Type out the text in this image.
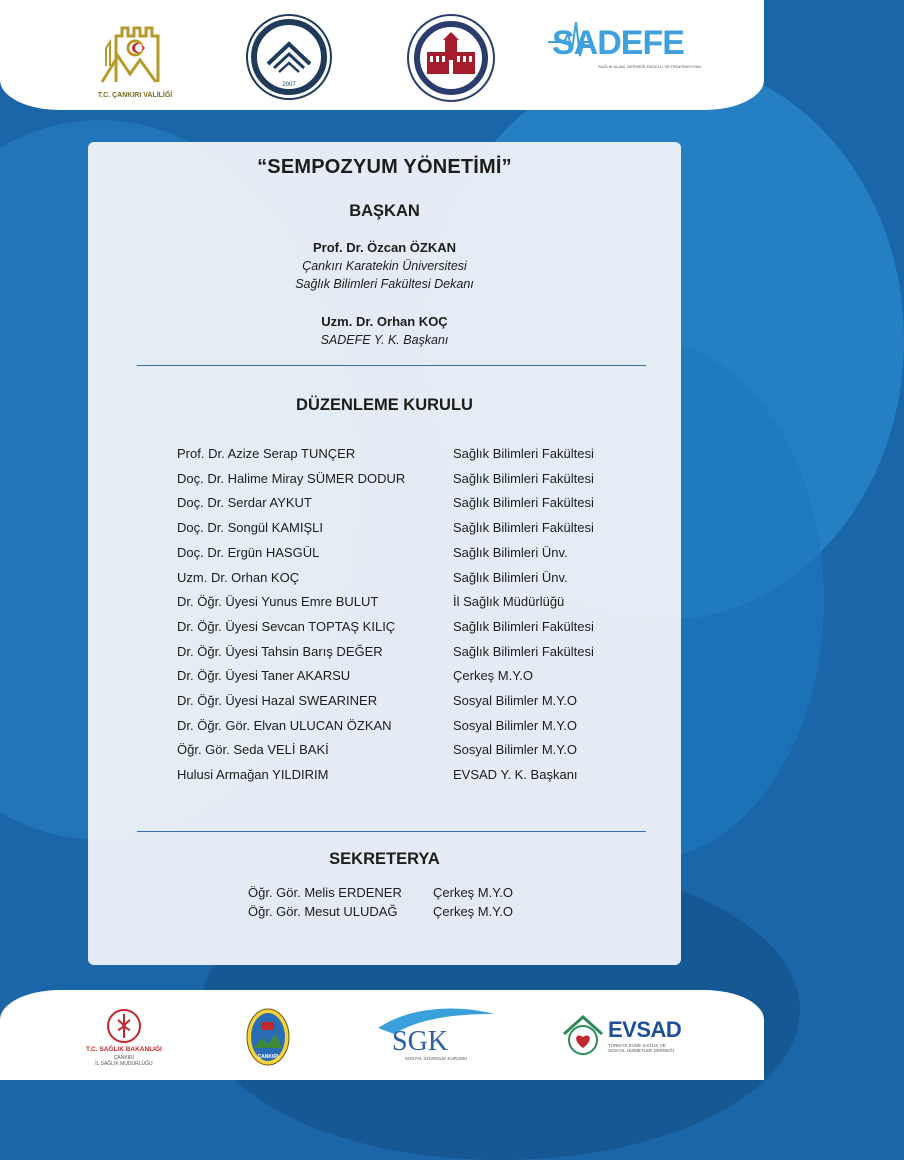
T.C. ÇANKIRI VALİLİĞİ
2007
SADEFE
SAĞLIK ALANI, DERNEĞİ ENGELLİ VE FEDERASYONU
“SEMPOZYUM YÖNETİMİ”
BAŞKAN
Prof. Dr. Özcan ÖZKAN
Çankırı Karatekin Üniversitesi
Sağlık Bilimleri Fakültesi Dekanı
Uzm. Dr. Orhan KOÇ
SADEFE Y. K. Başkanı
DÜZENLEME KURULU
Prof. Dr. Azize Serap TUNÇER	Sağlık Bilimleri Fakültesi
Doç. Dr. Halime Miray SÜMER DODUR	Sağlık Bilimleri Fakültesi
Doç. Dr. Serdar AYKUT	Sağlık Bilimleri Fakültesi
Doç. Dr. Songül KAMIŞLI	Sağlık Bilimleri Fakültesi
Doç. Dr. Ergün HASGÜL	Sağlık Bilimleri Ünv.
Uzm. Dr. Orhan KOÇ	Sağlık Bilimleri Ünv.
Dr. Öğr. Üyesi Yunus Emre BULUT	İl Sağlık Müdürlüğü
Dr. Öğr. Üyesi Sevcan TOPTAŞ KILIÇ	Sağlık Bilimleri Fakültesi
Dr. Öğr. Üyesi Tahsin Barış DEĞER	Sağlık Bilimleri Fakültesi
Dr. Öğr. Üyesi Taner AKARSU	Çerkeş M.Y.O
Dr. Öğr. Üyesi Hazal SWEARINER	Sosyal Bilimler M.Y.O
Dr. Öğr. Gör. Elvan ULUCAN ÖZKAN	Sosyal Bilimler M.Y.O
Öğr. Gör. Seda VELİ BAKİ	Sosyal Bilimler M.Y.O
Hulusi Armağan YILDIRIM	EVSAD Y. K. Başkanı
SEKRETERYA
Öğr. Gör. Melis ERDENER Çerkeş M.Y.O
Öğr. Gör. Mesut ULUDAĞ	Çerkeş M.Y.O
T.C. SAĞLIK BAKANLIĞI
ÇANKIRI
İL SAĞLIK MÜDÜRLÜĞÜ
ÇANKIRI	SGK
SOSYAL GÜVENLİK KURUMU
EVSAD
TÜRKİYE EVDE SAĞLIK VE
SOSYAL HİZMETLER DERNEĞİ
